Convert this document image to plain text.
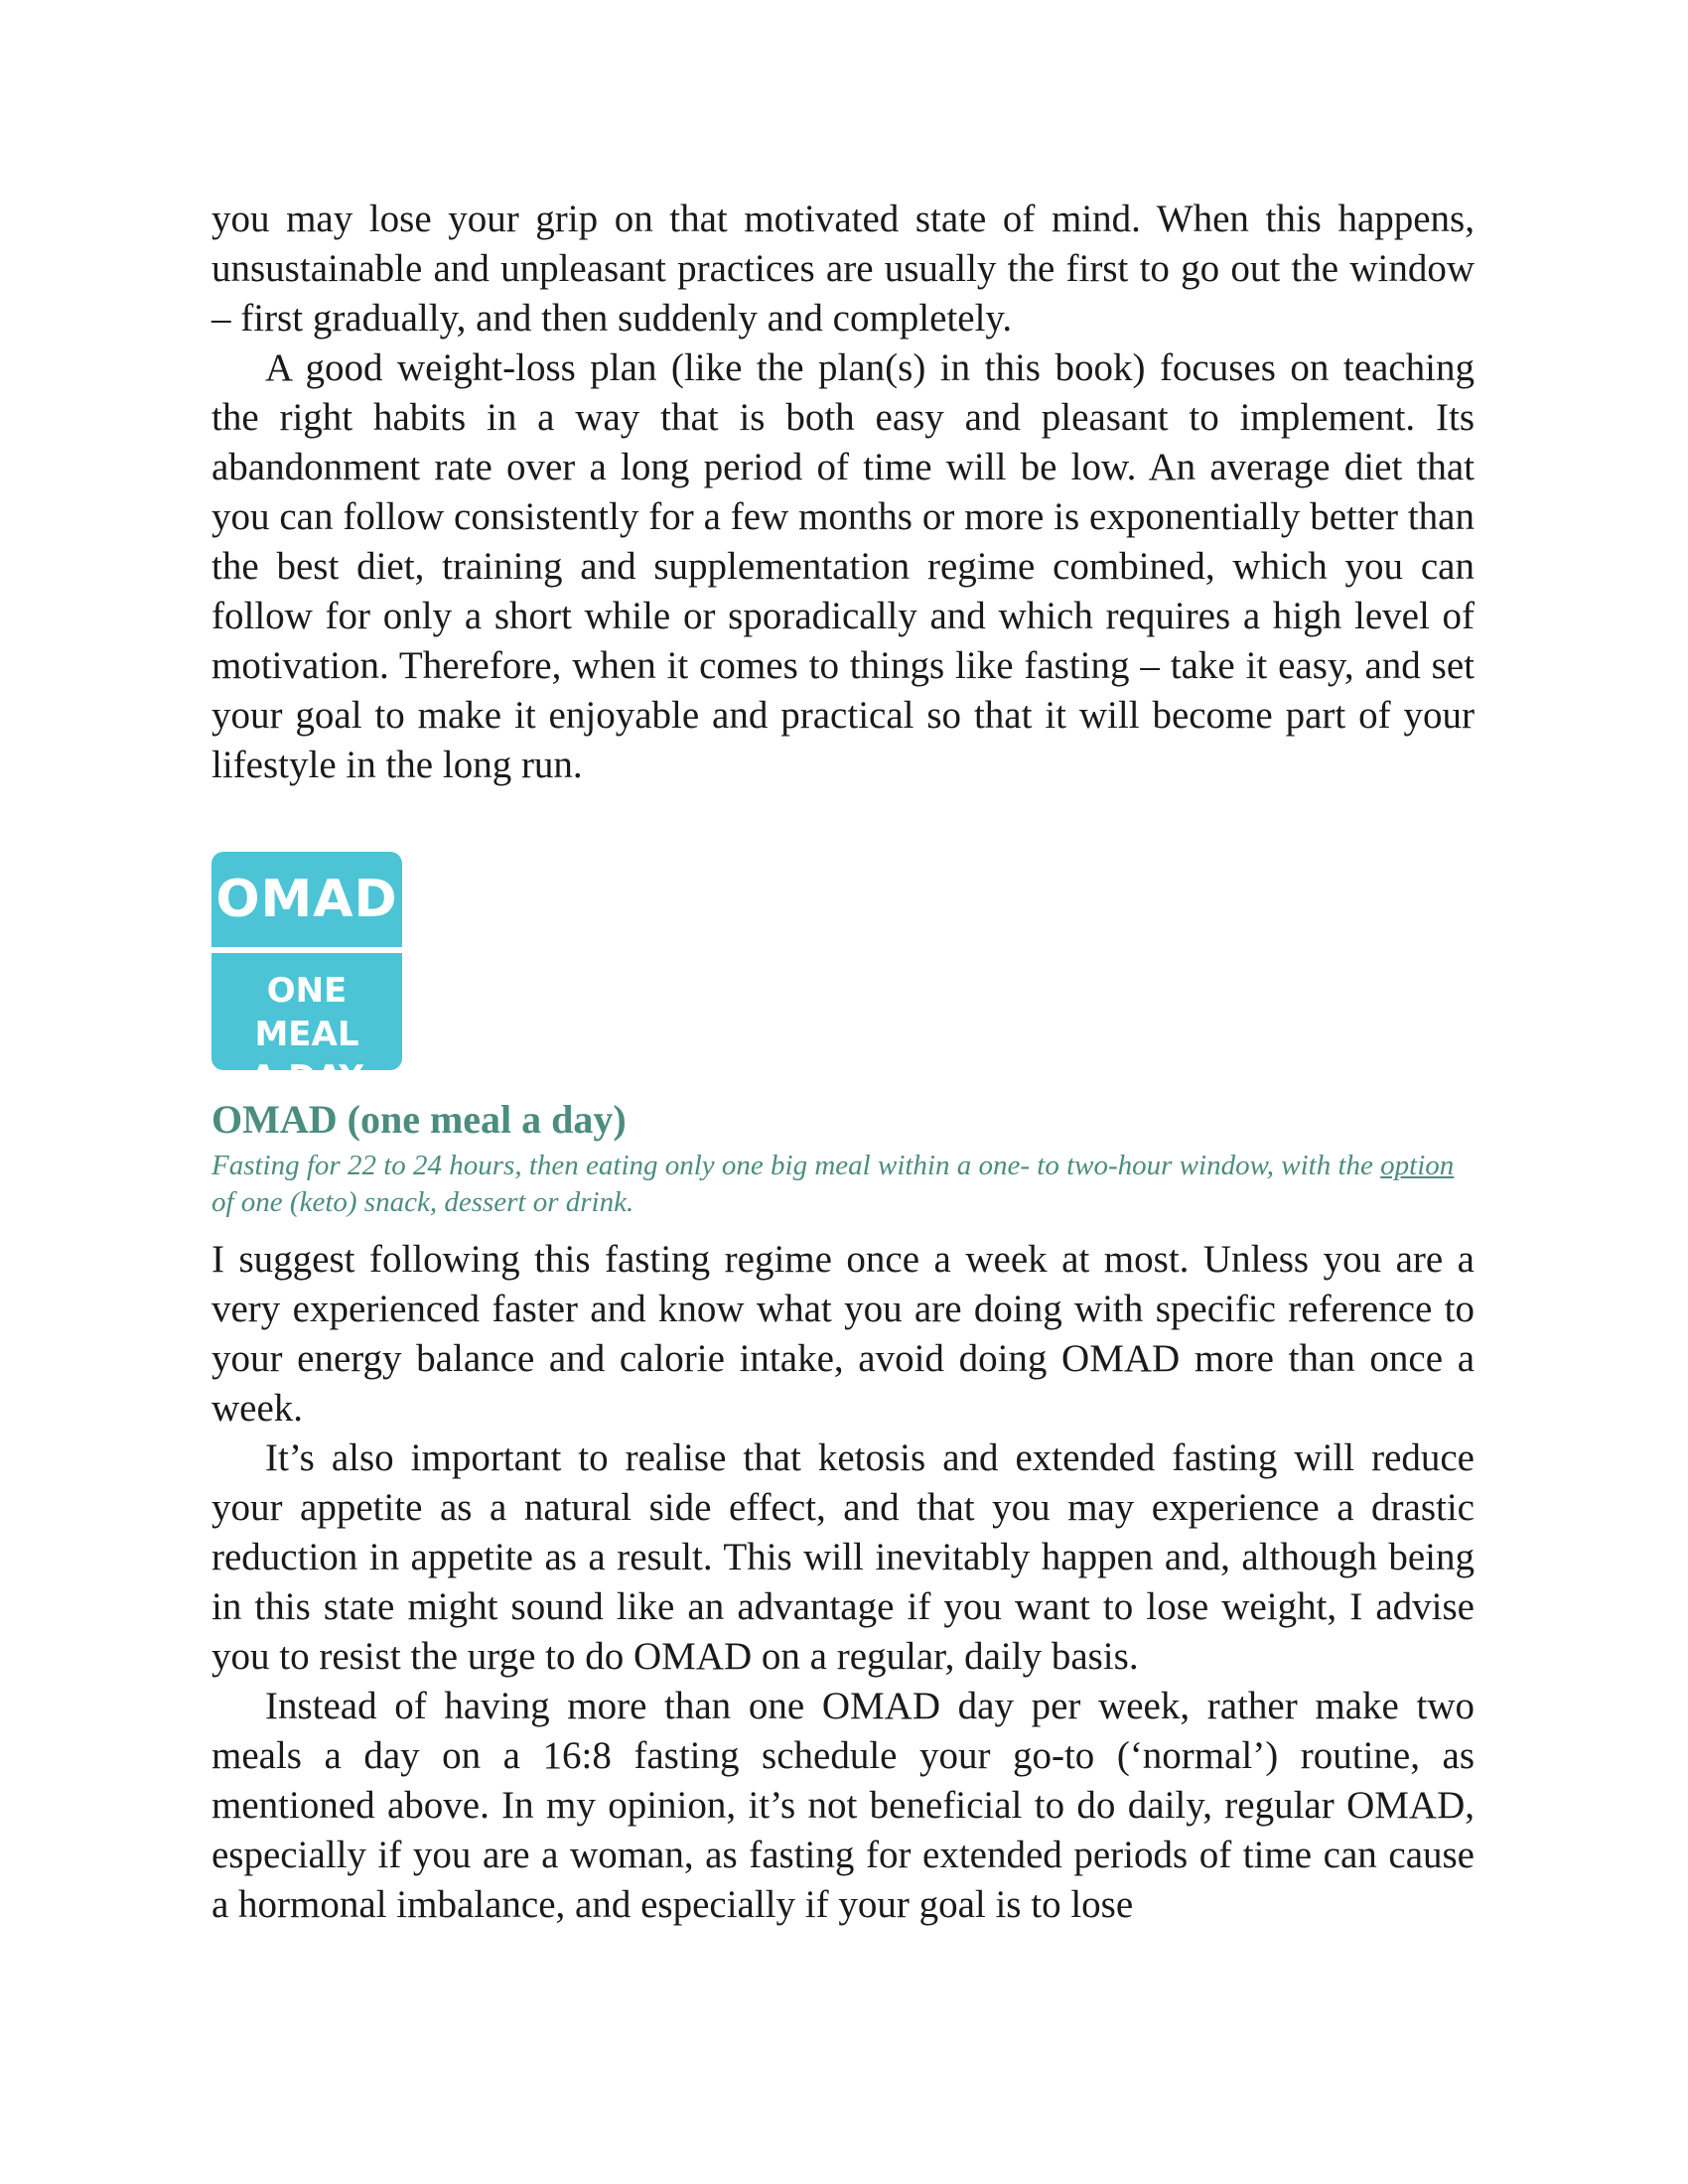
you may lose your grip on that motivated state of mind. When this happens, unsustainable and unpleasant practices are usually the first to go out the window – first gradually, and then suddenly and completely.

A good weight-loss plan (like the plan(s) in this book) focuses on teaching the right habits in a way that is both easy and pleasant to implement. Its abandonment rate over a long period of time will be low. An average diet that you can follow consistently for a few months or more is exponentially better than the best diet, training and supplementation regime combined, which you can follow for only a short while or sporadically and which requires a high level of motivation. Therefore, when it comes to things like fasting – take it easy, and set your goal to make it enjoyable and practical so that it will become part of your lifestyle in the long run.

OMAD
ONE MEAL
A DAY
OMAD (one meal a day)

Fasting for 22 to 24 hours, then eating only one big meal within a one- to two-hour window, with the option of one (keto) snack, dessert or drink.

I suggest following this fasting regime once a week at most. Unless you are a very experienced faster and know what you are doing with specific reference to your energy balance and calorie intake, avoid doing OMAD more than once a week.

It’s also important to realise that ketosis and extended fasting will reduce your appetite as a natural side effect, and that you may experience a drastic reduction in appetite as a result. This will inevitably happen and, although being in this state might sound like an advantage if you want to lose weight, I advise you to resist the urge to do OMAD on a regular, daily basis.

Instead of having more than one OMAD day per week, rather make two meals a day on a 16:8 fasting schedule your go-to (‘normal’) routine, as mentioned above. In my opinion, it’s not beneficial to do daily, regular OMAD, especially if you are a woman, as fasting for extended periods of time can cause a hormonal imbalance, and especially if your goal is to lose
